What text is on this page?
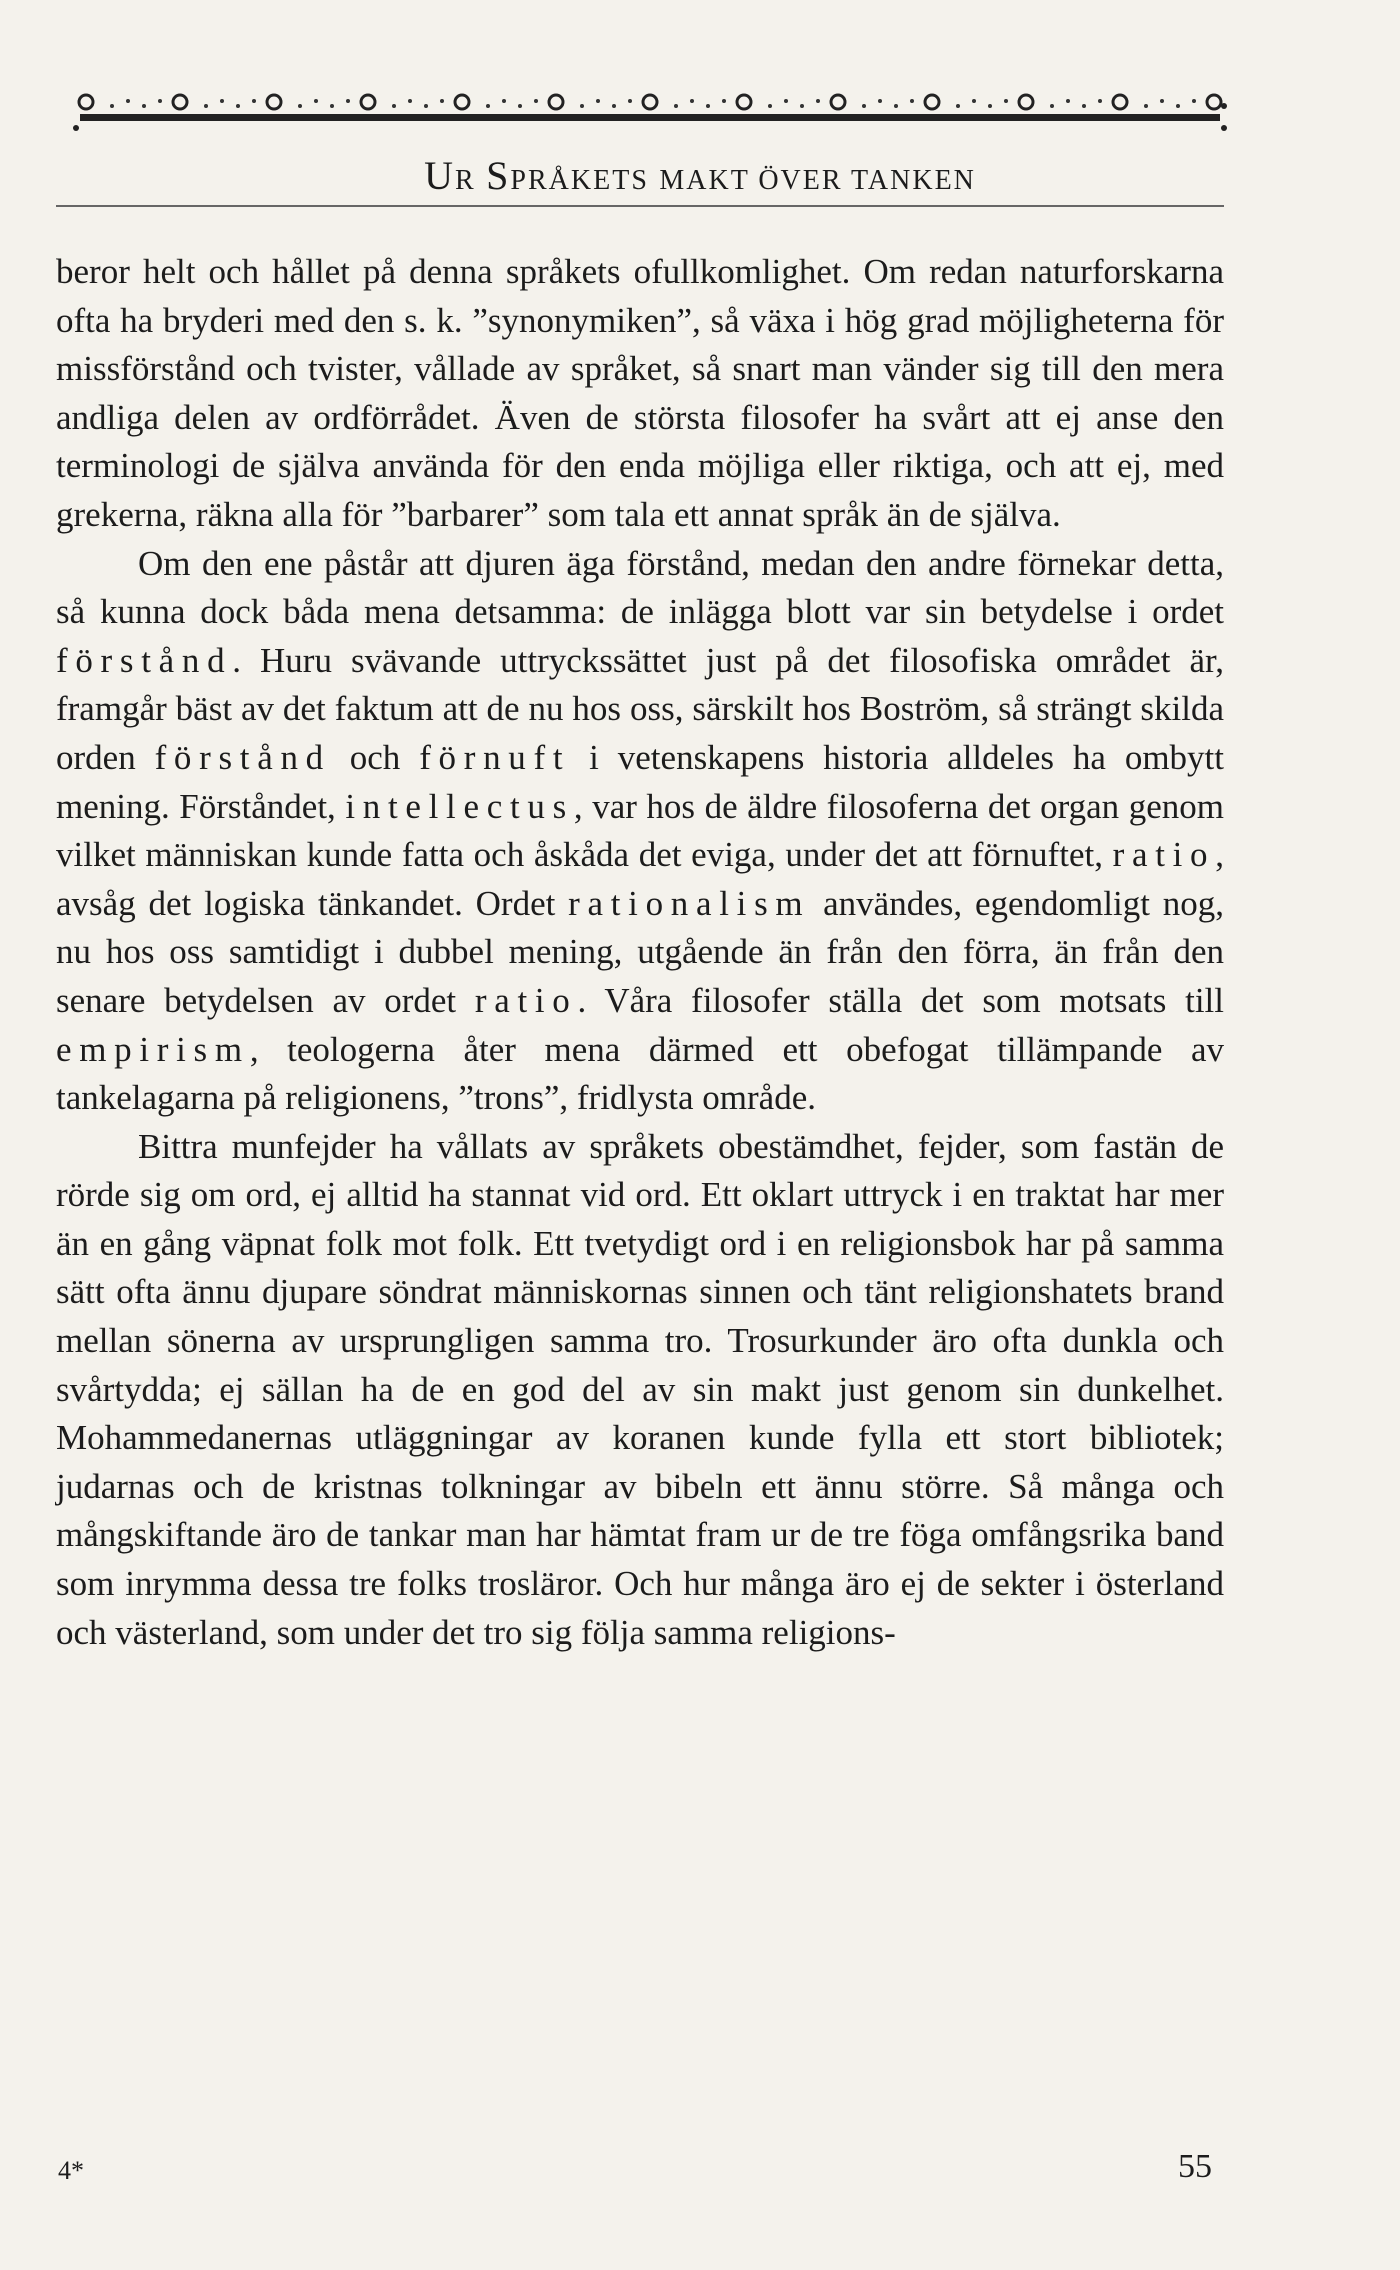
UR SPRÅKETS MAKT ÖVER TANKEN

beror helt och hållet på denna språkets ofullkomlighet. Om redan naturforskarna ofta ha bryderi med den s. k. ”synonymiken”, så växa i hög grad möjligheterna för missförstånd och tvister, vållade av språket, så snart man vänder sig till den mera andliga delen av ordförrådet. Även de största filosofer ha svårt att ej anse den terminologi de själva använda för den enda möjliga eller riktiga, och att ej, med grekerna, räkna alla för ”barbarer” som tala ett annat språk än de själva.

Om den ene påstår att djuren äga förstånd, medan den andre förnekar detta, så kunna dock båda mena detsamma: de inlägga blott var sin betydelse i ordet förstånd. Huru svävande uttryckssättet just på det filosofiska området är, framgår bäst av det faktum att de nu hos oss, särskilt hos Boström, så strängt skilda orden förstånd och förnuft i vetenskapens historia alldeles ha ombytt mening. Förståndet, intellectus, var hos de äldre filosoferna det organ genom vilket människan kunde fatta och åskåda det eviga, under det att förnuftet, ratio, avsåg det logiska tänkandet. Ordet rationalism användes, egendomligt nog, nu hos oss samtidigt i dubbel mening, utgående än från den förra, än från den senare betydelsen av ordet ratio. Våra filosofer ställa det som motsats till empirism, teologerna åter mena därmed ett obefogat tillämpande av tankelagarna på religionens, ”trons”, fridlysta område.

Bittra munfejder ha vållats av språkets obestämdhet, fejder, som fastän de rörde sig om ord, ej alltid ha stannat vid ord. Ett oklart uttryck i en traktat har mer än en gång väpnat folk mot folk. Ett tvetydigt ord i en religionsbok har på samma sätt ofta ännu djupare söndrat människornas sinnen och tänt religionshatets brand mellan sönerna av ursprungligen samma tro. Trosurkunder äro ofta dunkla och svårtydda; ej sällan ha de en god del av sin makt just genom sin dunkelhet. Mohammedanernas utläggningar av koranen kunde fylla ett stort bibliotek; judarnas och de kristnas tolkningar av bibeln ett ännu större. Så många och mångskiftande äro de tankar man har hämtat fram ur de tre föga omfångsrika band som inrymma dessa tre folks trosläror. Och hur många äro ej de sekter i österland och västerland, som under det tro sig följa samma religions-

4*	55
